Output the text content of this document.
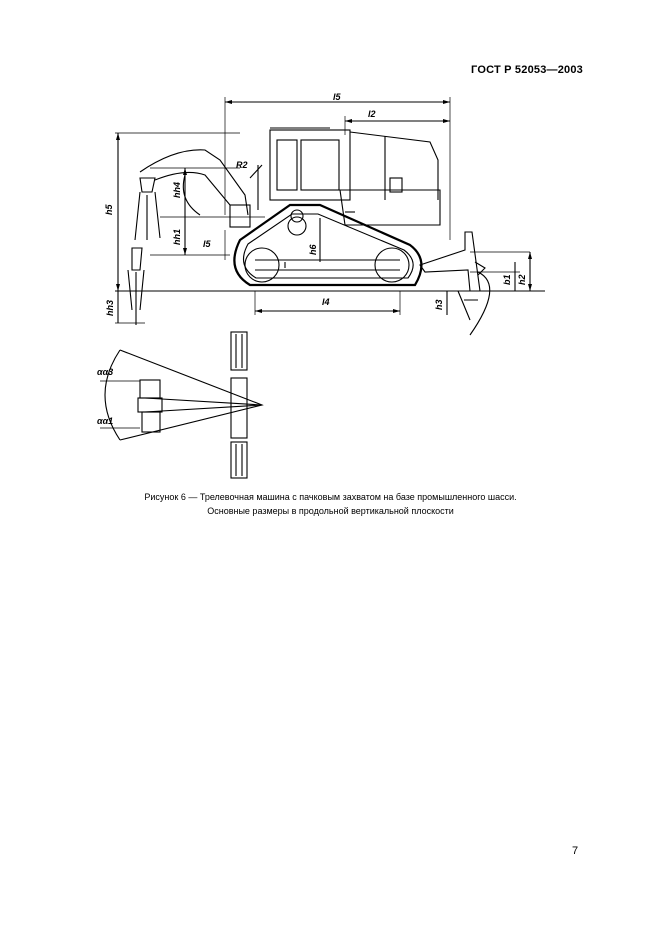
ГОСТ Р 52053—2003
l5
l2
R2
h5
hh4
hh1 l5
hh3
h6
l4
b1 h2
h3
αα3
αα1
Рисунок 6 — Трелевочная машина с пачковым захватом на базе промышленного шасси.
Основные размеры в продольной вертикальной плоскости
7
